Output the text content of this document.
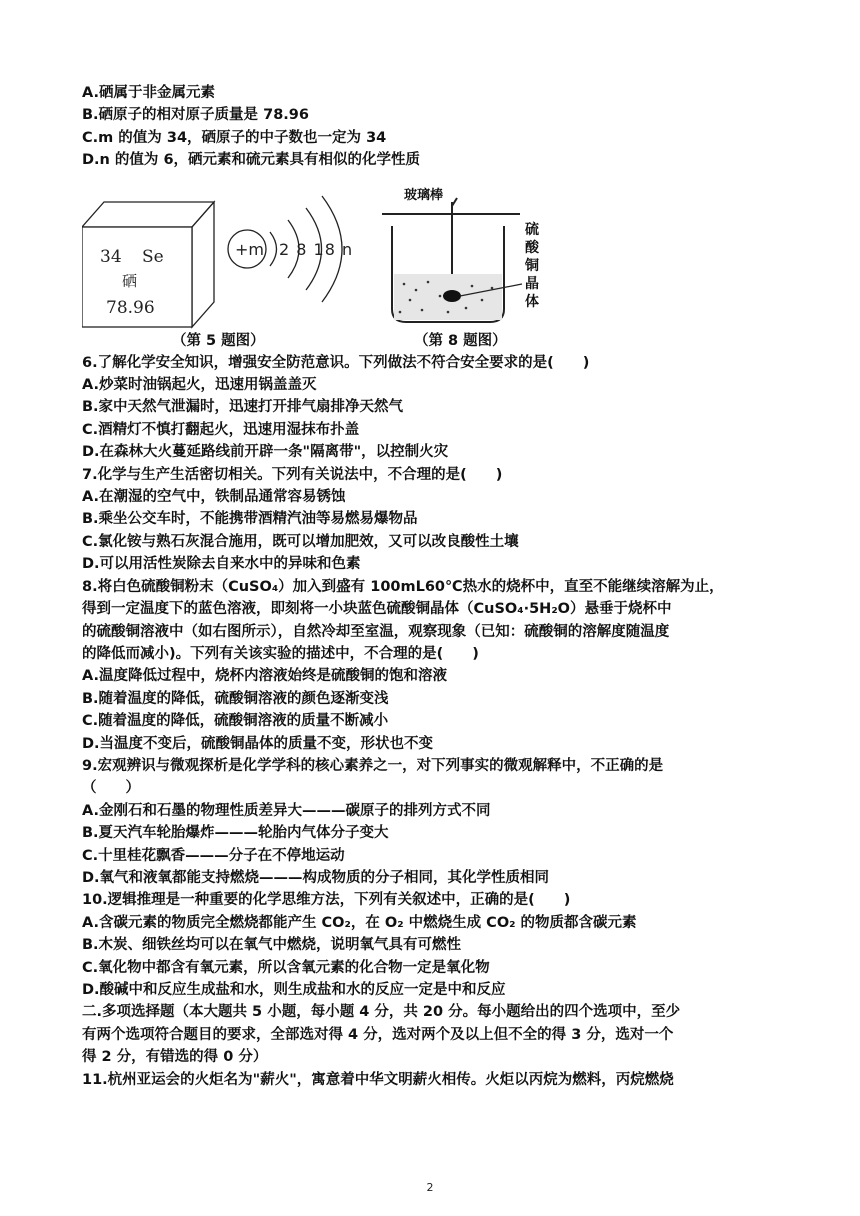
A.硒属于非金属元素
B.硒原子的相对原子质量是 78.96
C.m 的值为 34，硒原子的中子数也一定为 34
D.n 的值为 6，硒元素和硫元素具有相似的化学性质
34 Se
硒
78.96
+m 2 8 18 n
玻璃棒
硫
酸
铜
晶
体
（第 5 题图）	（第 8 题图）
6.了解化学安全知识，增强安全防范意识。下列做法不符合安全要求的是(　　)
A.炒菜时油锅起火，迅速用锅盖盖灭
B.家中天然气泄漏时，迅速打开排气扇排净天然气
C.酒精灯不慎打翻起火，迅速用湿抹布扑盖
D.在森林大火蔓延路线前开辟一条"隔离带"，以控制火灾
7.化学与生产生活密切相关。下列有关说法中，不合理的是(　　)
A.在潮湿的空气中，铁制品通常容易锈蚀
B.乘坐公交车时，不能携带酒精汽油等易燃易爆物品
C.氯化铵与熟石灰混合施用，既可以增加肥效，又可以改良酸性土壤
D.可以用活性炭除去自来水中的异味和色素
8.将白色硫酸铜粉末（CuSO₄）加入到盛有 100mL60℃热水的烧杯中，直至不能继续溶解为止，
得到一定温度下的蓝色溶液，即刻将一小块蓝色硫酸铜晶体（CuSO₄·5H₂O）悬垂于烧杯中
的硫酸铜溶液中（如右图所示），自然冷却至室温，观察现象（已知：硫酸铜的溶解度随温度
的降低而减小)。下列有关该实验的描述中，不合理的是(　　)
A.温度降低过程中，烧杯内溶液始终是硫酸铜的饱和溶液
B.随着温度的降低，硫酸铜溶液的颜色逐渐变浅
C.随着温度的降低，硫酸铜溶液的质量不断减小
D.当温度不变后，硫酸铜晶体的质量不变，形状也不变
9.宏观辨识与微观探析是化学学科的核心素养之一，对下列事实的微观解释中，不正确的是
（　　）
A.金刚石和石墨的物理性质差异大———碳原子的排列方式不同
B.夏天汽车轮胎爆炸———轮胎内气体分子变大
C.十里桂花飘香———分子在不停地运动
D.氧气和液氧都能支持燃烧———构成物质的分子相同，其化学性质相同
10.逻辑推理是一种重要的化学思维方法，下列有关叙述中，正确的是(　　)
A.含碳元素的物质完全燃烧都能产生 CO₂，在 O₂ 中燃烧生成 CO₂ 的物质都含碳元素
B.木炭、细铁丝均可以在氧气中燃烧，说明氧气具有可燃性
C.氧化物中都含有氧元素，所以含氧元素的化合物一定是氧化物
D.酸碱中和反应生成盐和水，则生成盐和水的反应一定是中和反应
二.多项选择题（本大题共 5 小题，每小题 4 分，共 20 分。每小题给出的四个选项中，至少
有两个选项符合题目的要求，全部选对得 4 分，选对两个及以上但不全的得 3 分，选对一个
得 2 分，有错选的得 0 分）
11.杭州亚运会的火炬名为"薪火"，寓意着中华文明薪火相传。火炬以丙烷为燃料，丙烷燃烧
2
